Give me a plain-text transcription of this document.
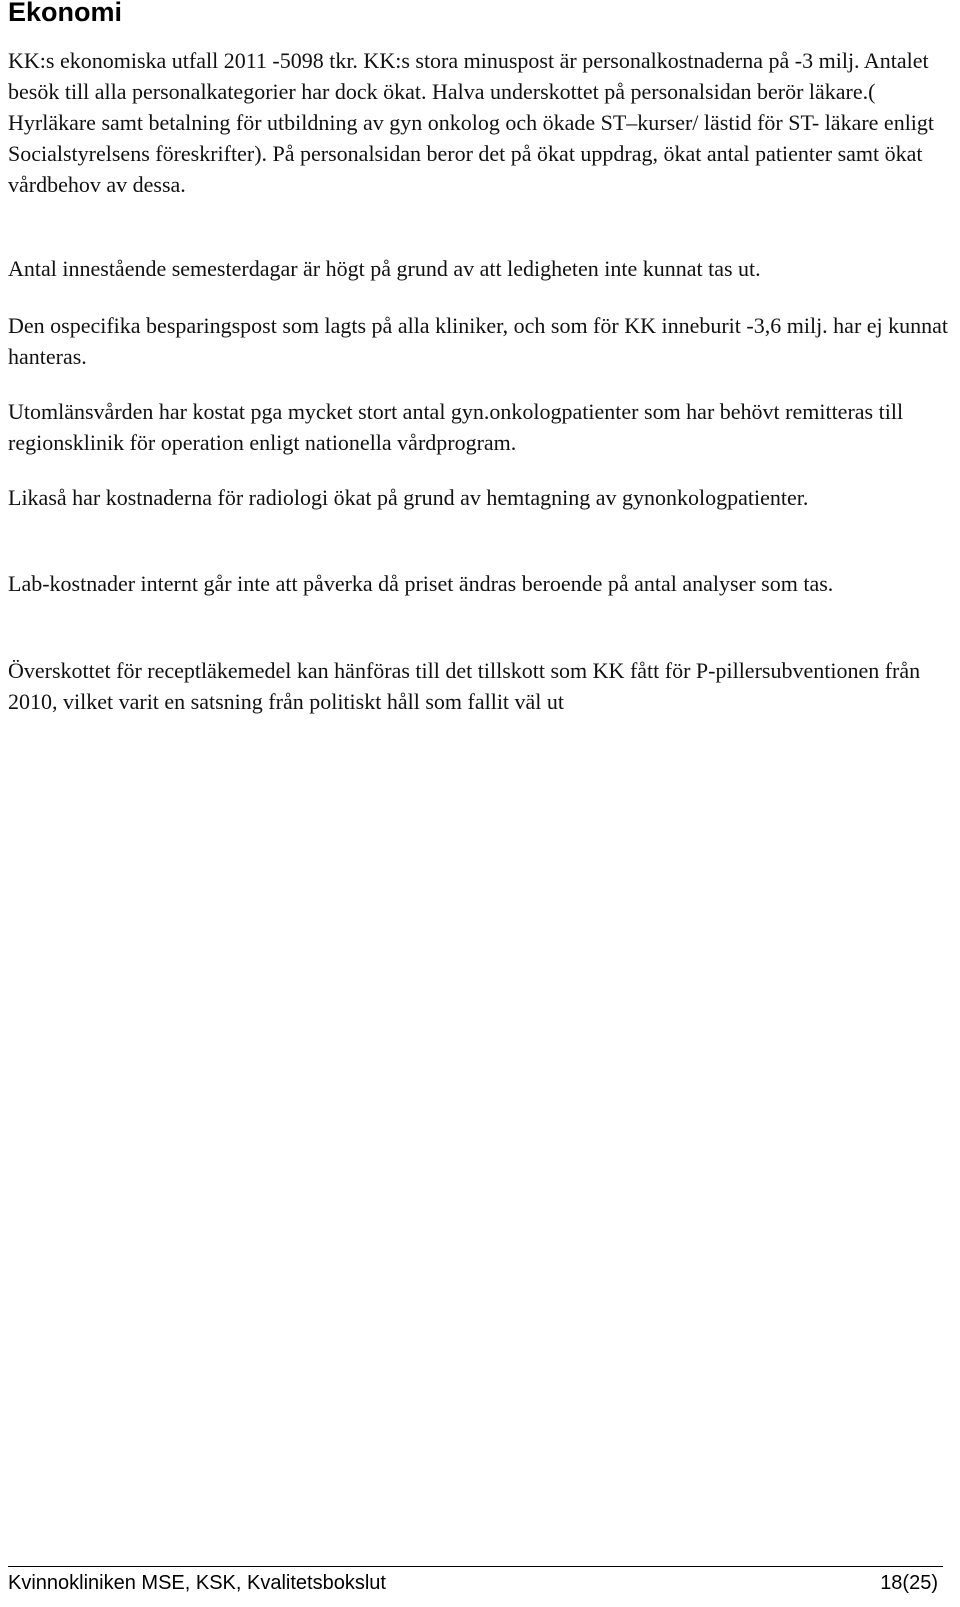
Ekonomi

KK:s ekonomiska utfall 2011 -5098 tkr. KK:s stora minuspost är personalkostnaderna på -3 milj. Antalet besök till alla personalkategorier har dock ökat. Halva underskottet på personalsidan berör läkare.( Hyrläkare samt betalning för utbildning av gyn onkolog och ökade ST–kurser/ lästid för ST- läkare enligt Socialstyrelsens föreskrifter). På personalsidan beror det på ökat uppdrag, ökat antal patienter samt ökat vårdbehov av dessa.

Antal innestående semesterdagar är högt på grund av att ledigheten inte kunnat tas ut.

Den ospecifika besparingspost som lagts på alla kliniker, och som för KK inneburit -3,6 milj. har ej kunnat hanteras.

Utomlänsvården har kostat pga mycket stort antal gyn.onkologpatienter som har behövt remitteras till regionsklinik för operation enligt nationella vårdprogram.

Likaså har kostnaderna för radiologi ökat på grund av hemtagning av gynonkologpatienter.

Lab-kostnader internt går inte att påverka då priset ändras beroende på antal analyser som tas.

Överskottet för receptläkemedel kan hänföras till det tillskott som KK fått för P-pillersubventionen från 2010, vilket varit en satsning från politiskt håll som fallit väl ut

Kvinnokliniken MSE, KSK, Kvalitetsbokslut	18(25)
